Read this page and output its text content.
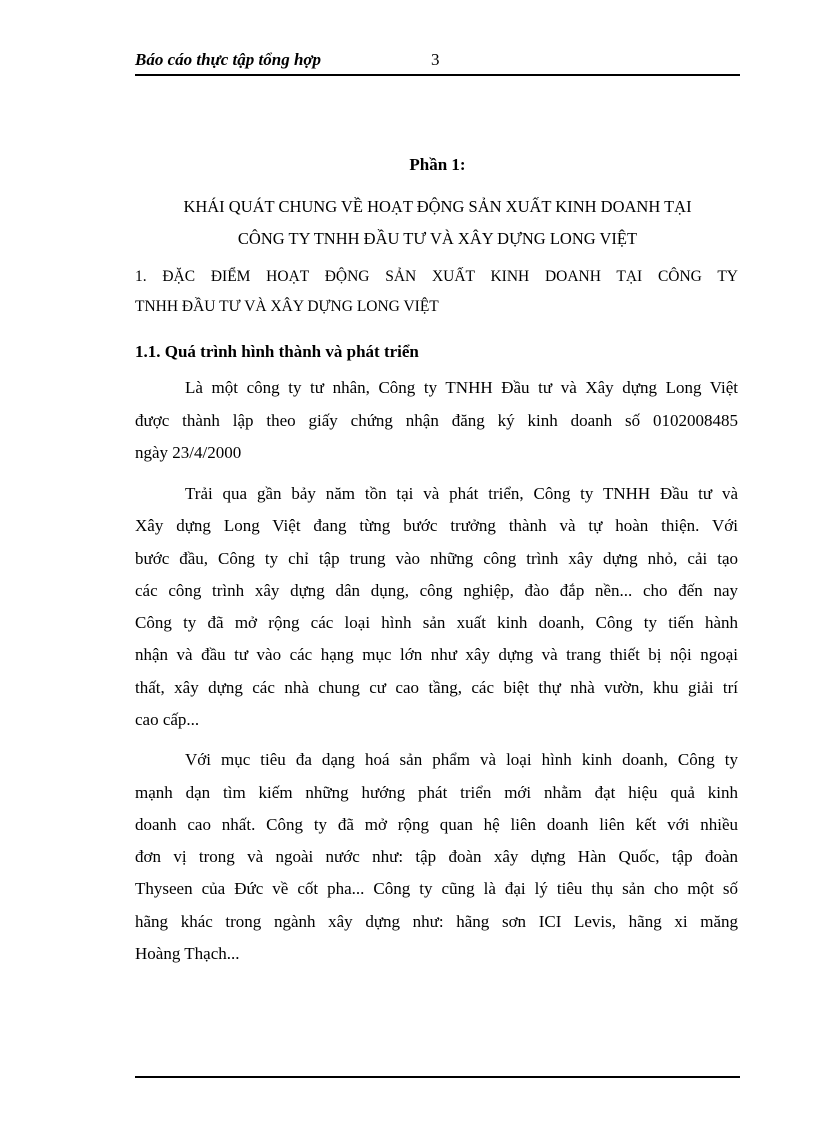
Báo cáo thực tập tổng hợp	3
Phần 1:
KHÁI QUÁT CHUNG VỀ HOẠT ĐỘNG SẢN XUẤT KINH DOANH TẠI
CÔNG TY TNHH ĐẦU TƯ VÀ XÂY DỰNG LONG VIỆT
1. ĐẶC ĐIỂM HOẠT ĐỘNG SẢN XUẤT KINH DOANH TẠI CÔNG TY
TNHH ĐẦU TƯ VÀ XÂY DỰNG LONG VIỆT
1.1. Quá trình hình thành và phát triển
Là một công ty tư nhân, Công ty TNHH Đầu tư và Xây dựng Long Việt
được thành lập theo giấy chứng nhận đăng ký kinh doanh số 0102008485
ngày 23/4/2000
Trải qua gần bảy năm tồn tại và phát triển, Công ty TNHH Đầu tư và
Xây dựng Long Việt đang từng bước trưởng thành và tự hoàn thiện. Với
bước đầu, Công ty chỉ tập trung vào những công trình xây dựng nhỏ, cải tạo
các công trình xây dựng dân dụng, công nghiệp, đào đắp nền... cho đến nay
Công ty đã mở rộng các loại hình sản xuất kinh doanh, Công ty tiến hành
nhận và đầu tư vào các hạng mục lớn như xây dựng và trang thiết bị nội ngoại
thất, xây dựng các nhà chung cư cao tầng, các biệt thự nhà vườn, khu giải trí
cao cấp...
Với mục tiêu đa dạng hoá sản phẩm và loại hình kinh doanh, Công ty
mạnh dạn tìm kiếm những hướng phát triển mới nhằm đạt hiệu quả kinh
doanh cao nhất. Công ty đã mở rộng quan hệ liên doanh liên kết với nhiều
đơn vị trong và ngoài nước như: tập đoàn xây dựng Hàn Quốc, tập đoàn
Thyseen của Đức về cốt pha... Công ty cũng là đại lý tiêu thụ sản cho một số
hãng khác trong ngành xây dựng như: hãng sơn ICI Levis, hãng xi măng
Hoàng Thạch...
